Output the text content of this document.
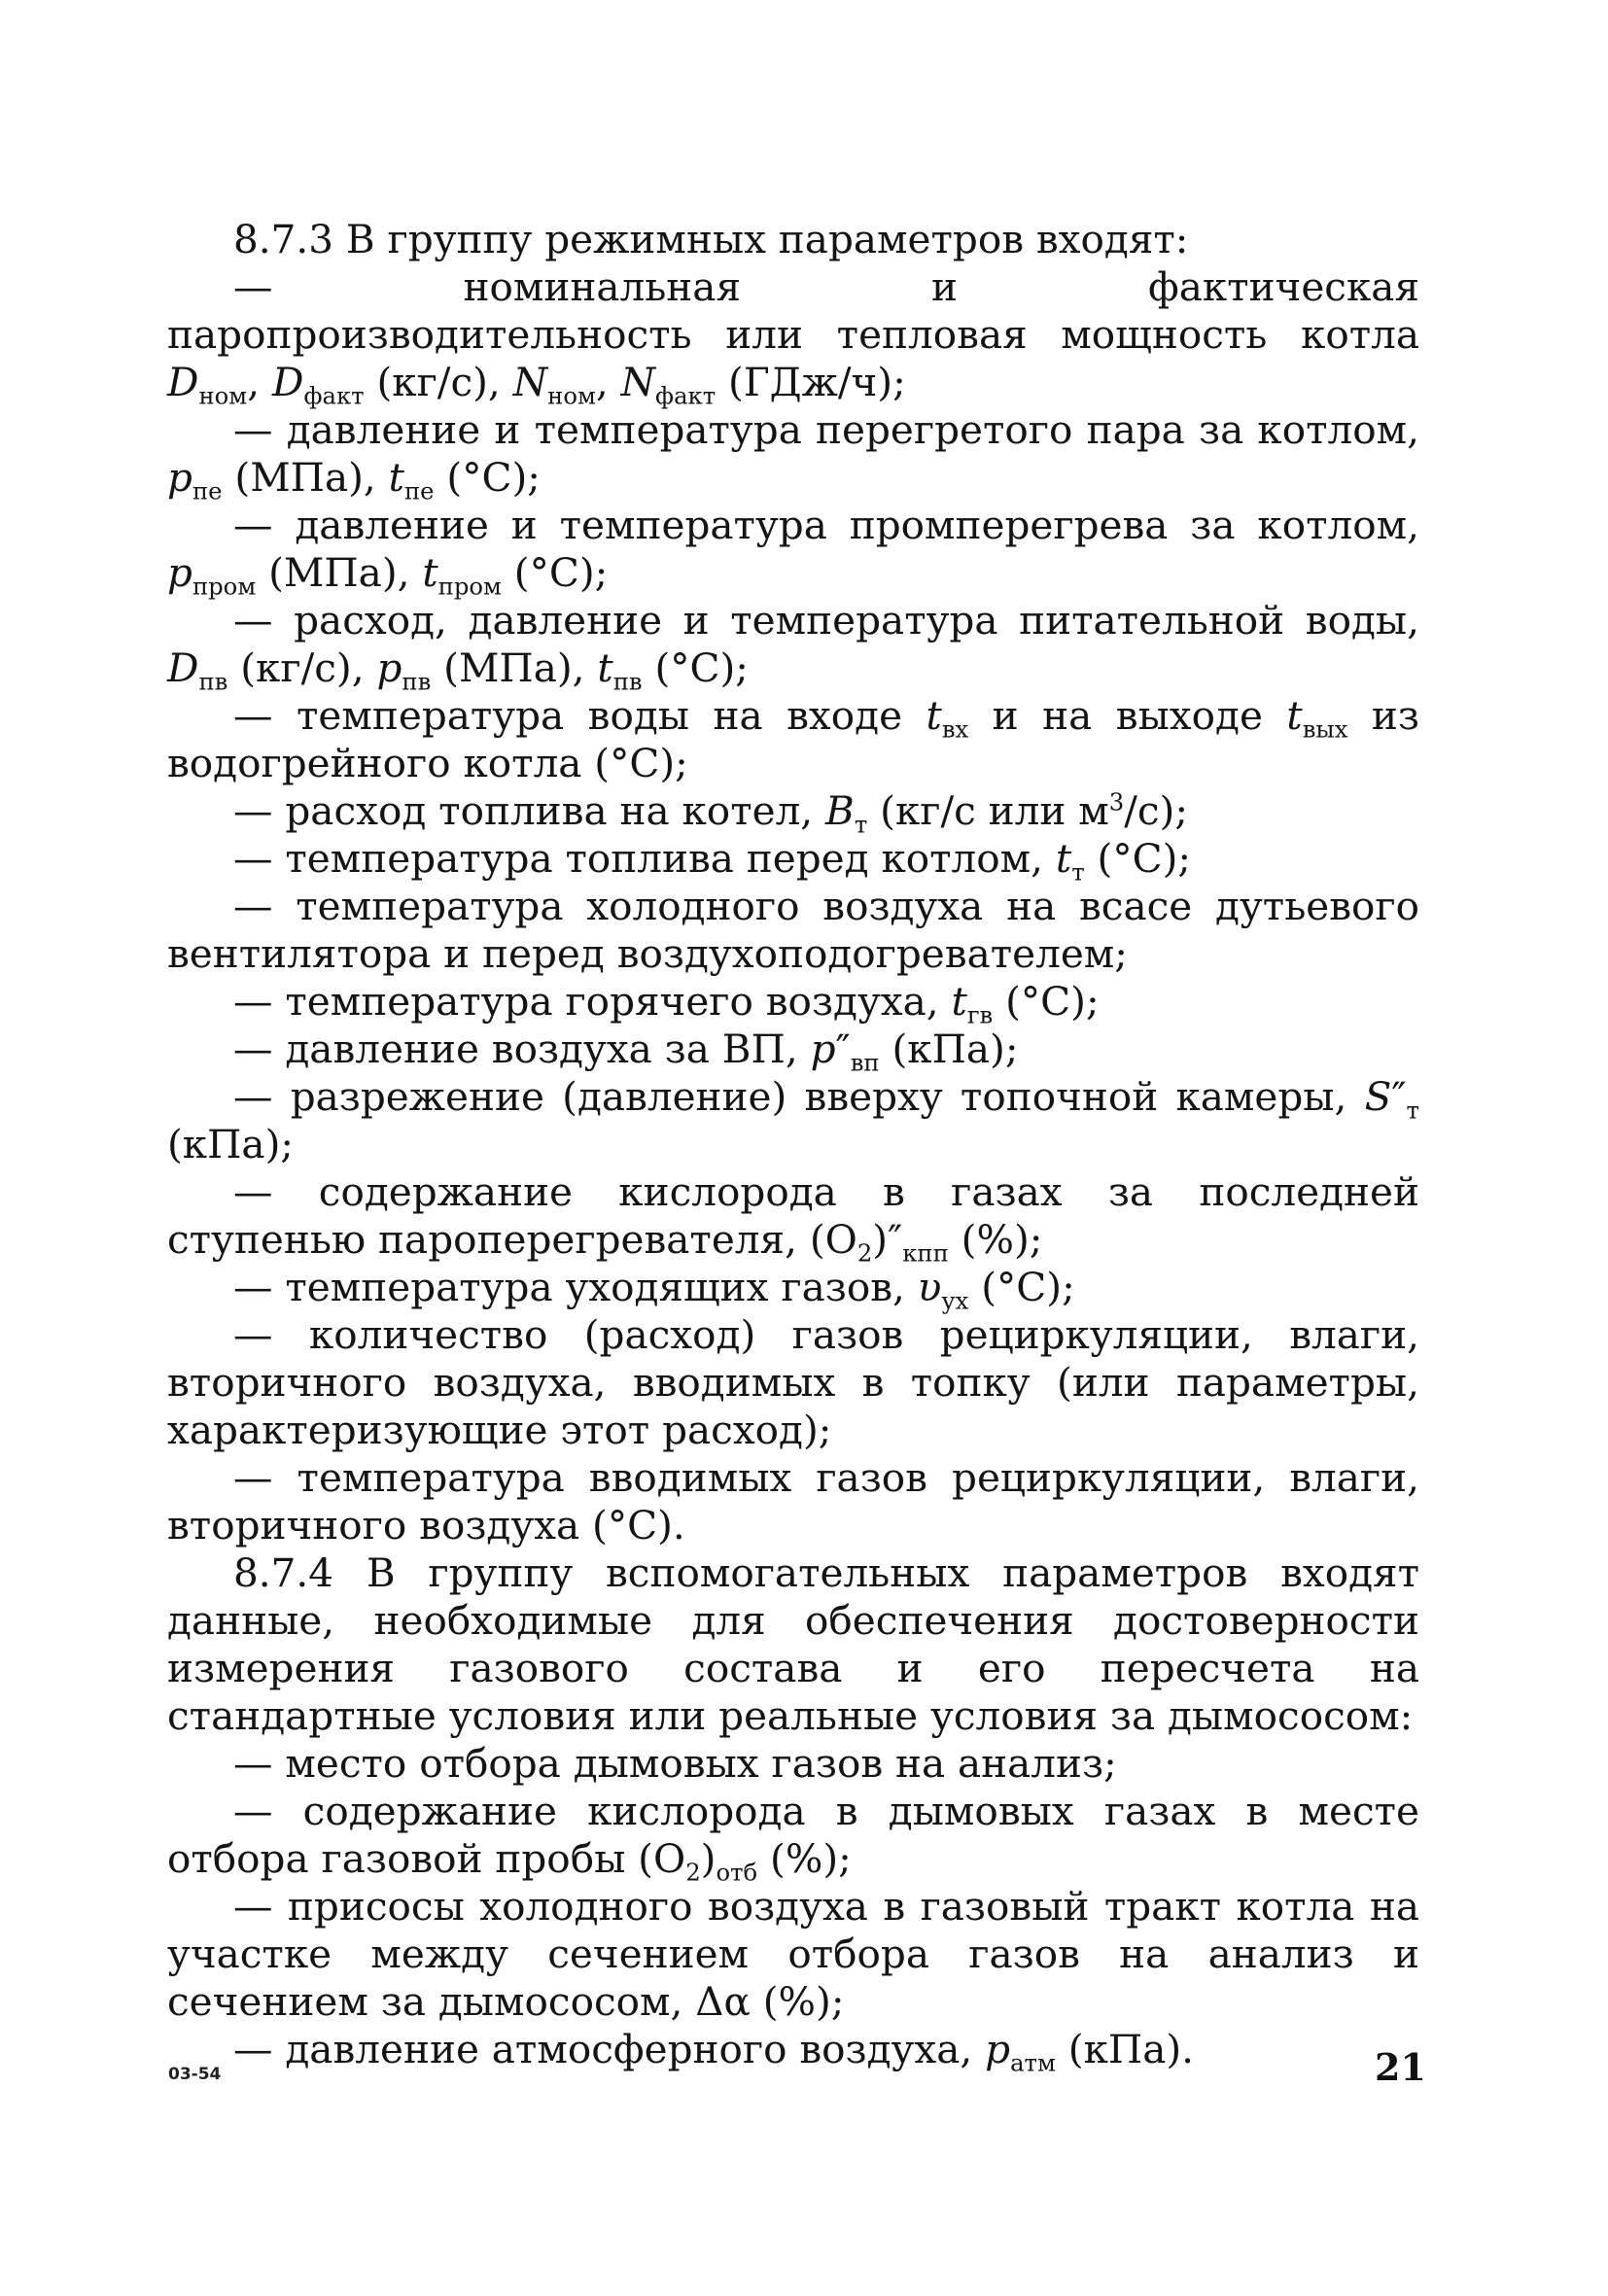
8.7.3 В группу режимных параметров входят:

— номинальная и фактическая паропроизводительность или тепловая мощность котла $D_{ном}$, $D_{факт}$ (кг/с), $N_{ном}$, $N_{факт}$ (ГДж/ч);

— давление и температура перегретого пара за котлом, $p_{пе}$ (МПа), $t_{пе}$ (°С);

— давление и температура промперегрева за котлом, $p_{пром}$ (МПа), $t_{пром}$ (°С);

— расход, давление и температура питательной воды, $D_{пв}$ (кг/с), $p_{пв}$ (МПа), $t_{пв}$ (°С);

— температура воды на входе $t_{вх}$ и на выходе $t_{вых}$ из водогрейного котла (°С);

— расход топлива на котел, $B_т$ (кг/с или $м^3/с$);

— температура топлива перед котлом, $t_т$ (°С);

— температура холодного воздуха на всасе дутьевого вентилятора и перед воздухоподогревателем;

— температура горячего воздуха, $t_{гв}$ (°С);

— давление воздуха за ВП, $p''_{вп}$ (кПа);

— разрежение (давление) вверху топочной камеры, $S''_т$ (кПа);

— содержание кислорода в газах за последней ступенью пароперегревателя, $(O_2)''_{кпп}$ (%);

— температура уходящих газов, $\upsilon_{ух}$ (°С);

— количество (расход) газов рециркуляции, влаги, вторичного воздуха, вводимых в топку (или параметры, характеризующие этот расход);

— температура вводимых газов рециркуляции, влаги, вторичного воздуха (°С).

8.7.4 В группу вспомогательных параметров входят данные, необходимые для обеспечения достоверности измерения газового состава и его пересчета на стандартные условия или реальные условия за дымососом:

— место отбора дымовых газов на анализ;

— содержание кислорода в дымовых газах в месте отбора газовой пробы $(O_2)_{отб}$ (%);

— присосы холодного воздуха в газовый тракт котла на участке между сечением отбора газов на анализ и сечением за дымососом, Δα (%);

— давление атмосферного воздуха, $p_{атм}$ (кПа).

03-54	21
